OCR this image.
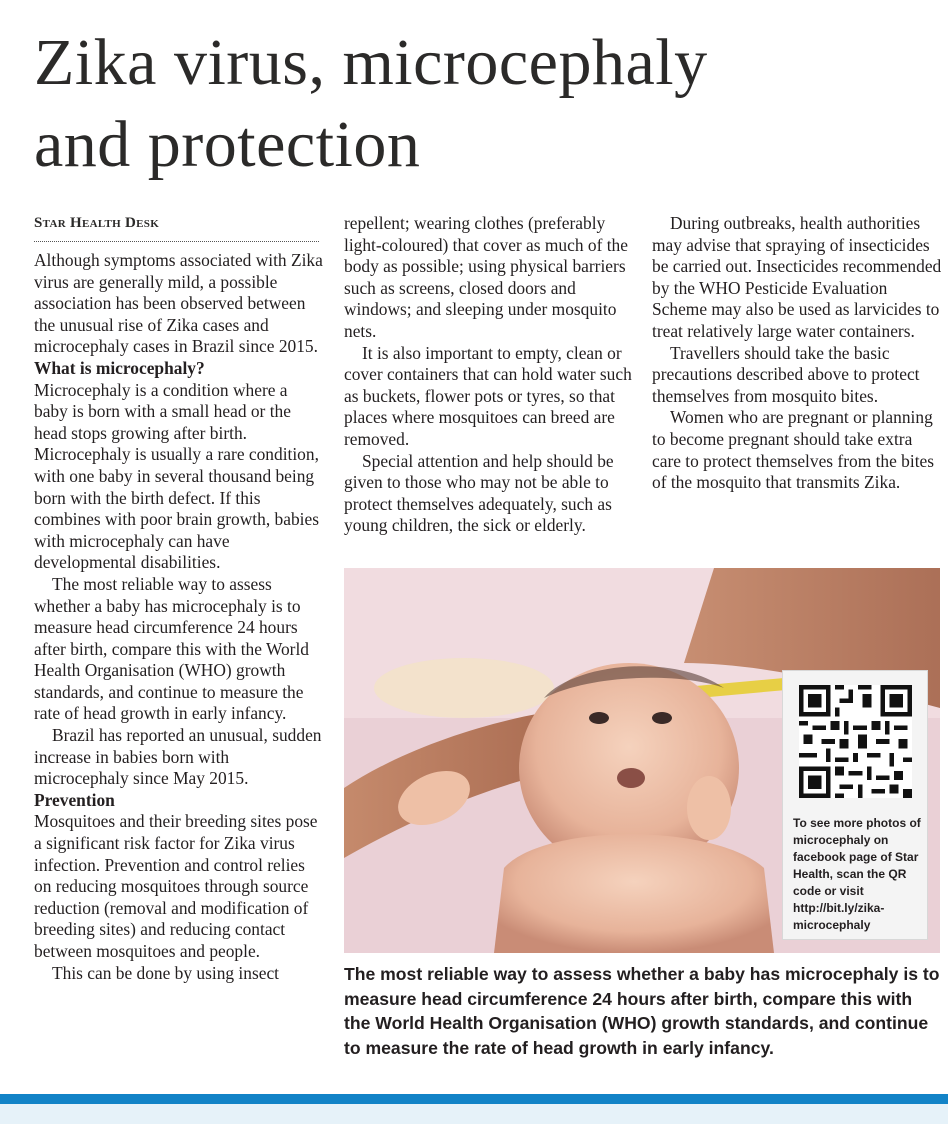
Zika virus, microcephaly
and protection
Star Health Desk

Although symptoms associated with Zika virus are generally mild, a possible association has been observed between the unusual rise of Zika cases and microcephaly cases in Brazil since 2015.

What is microcephaly?

Microcephaly is a condition where a baby is born with a small head or the head stops growing after birth. Microcephaly is usually a rare condition, with one baby in several thousand being born with the birth defect. If this combines with poor brain growth, babies with microcephaly can have developmental disabilities.

The most reliable way to assess whether a baby has microcephaly is to measure head circumference 24 hours after birth, compare this with the World Health Organisation (WHO) growth standards, and continue to measure the rate of head growth in early infancy.

Brazil has reported an unusual, sudden increase in babies born with microcephaly since May 2015.

Prevention

Mosquitoes and their breeding sites pose a significant risk factor for Zika virus infection. Prevention and control relies on reducing mosquitoes through source reduction (removal and modification of breeding sites) and reducing contact between mosquitoes and people.

This can be done by using insect

repellent; wearing clothes (preferably light-coloured) that cover as much of the body as possible; using physical barriers such as screens, closed doors and windows; and sleeping under mosquito nets.

It is also important to empty, clean or cover containers that can hold water such as buckets, flower pots or tyres, so that places where mosquitoes can breed are removed.

Special attention and help should be given to those who may not be able to protect themselves adequately, such as young children, the sick or elderly.

During outbreaks, health authorities may advise that spraying of insecticides be carried out. Insecticides recommended by the WHO Pesticide Evaluation Scheme may also be used as larvicides to treat relatively large water containers.

Travellers should take the basic precautions described above to protect themselves from mosquito bites.

Women who are pregnant or planning to become pregnant should take extra care to protect themselves from the bites of the mosquito that transmits Zika.

To see more photos of microcephaly on facebook page of Star Health, scan the QR code or visit http://bit.ly/zika-microcephaly

The most reliable way to assess whether a baby has microcephaly is to measure head circumference 24 hours after birth, compare this with the World Health Organisation (WHO) growth standards, and continue to measure the rate of head growth in early infancy.
